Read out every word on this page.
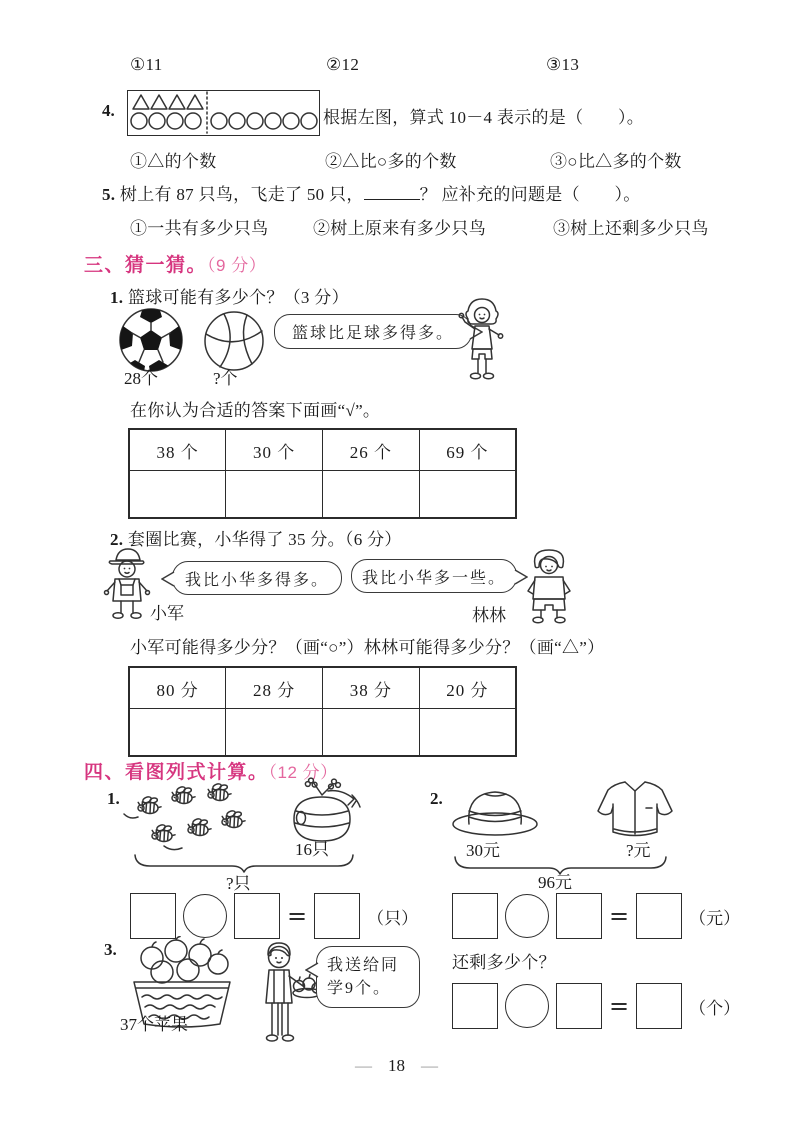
①11	②12	③13
4.	根据左图，算式 10－4 表示的是（　　）。
①△的个数	②△比○多的个数	③○比△多的个数
5. 树上有 87 只鸟，飞走了 50 只，	？ 应补充的问题是（　　）。
①一共有多少只鸟	②树上原来有多少只鸟	③树上还剩多少只鸟
三、猜一猜。（9 分）
1. 篮球可能有多少个？（3 分）
篮球比足球多得多。
28个	?个
在你认为合适的答案下面画“√”。
38 个	30 个	26 个	69 个

2. 套圈比赛，小华得了 35 分。（6 分）
我比小华多得多。 我比小华多一些。
小军	林林
小军可能得多少分？（画“○”）林林可能得多少分？（画“△”）
80 分	28 分	38 分	20 分

四、看图列式计算。（12 分）
1.
16只
?只
2.
30元	?元
96元
=	（只）	=	（元）
3.
37个苹果
我送给同学9个。
还剩多少个？
=	（个）
— 18 —
